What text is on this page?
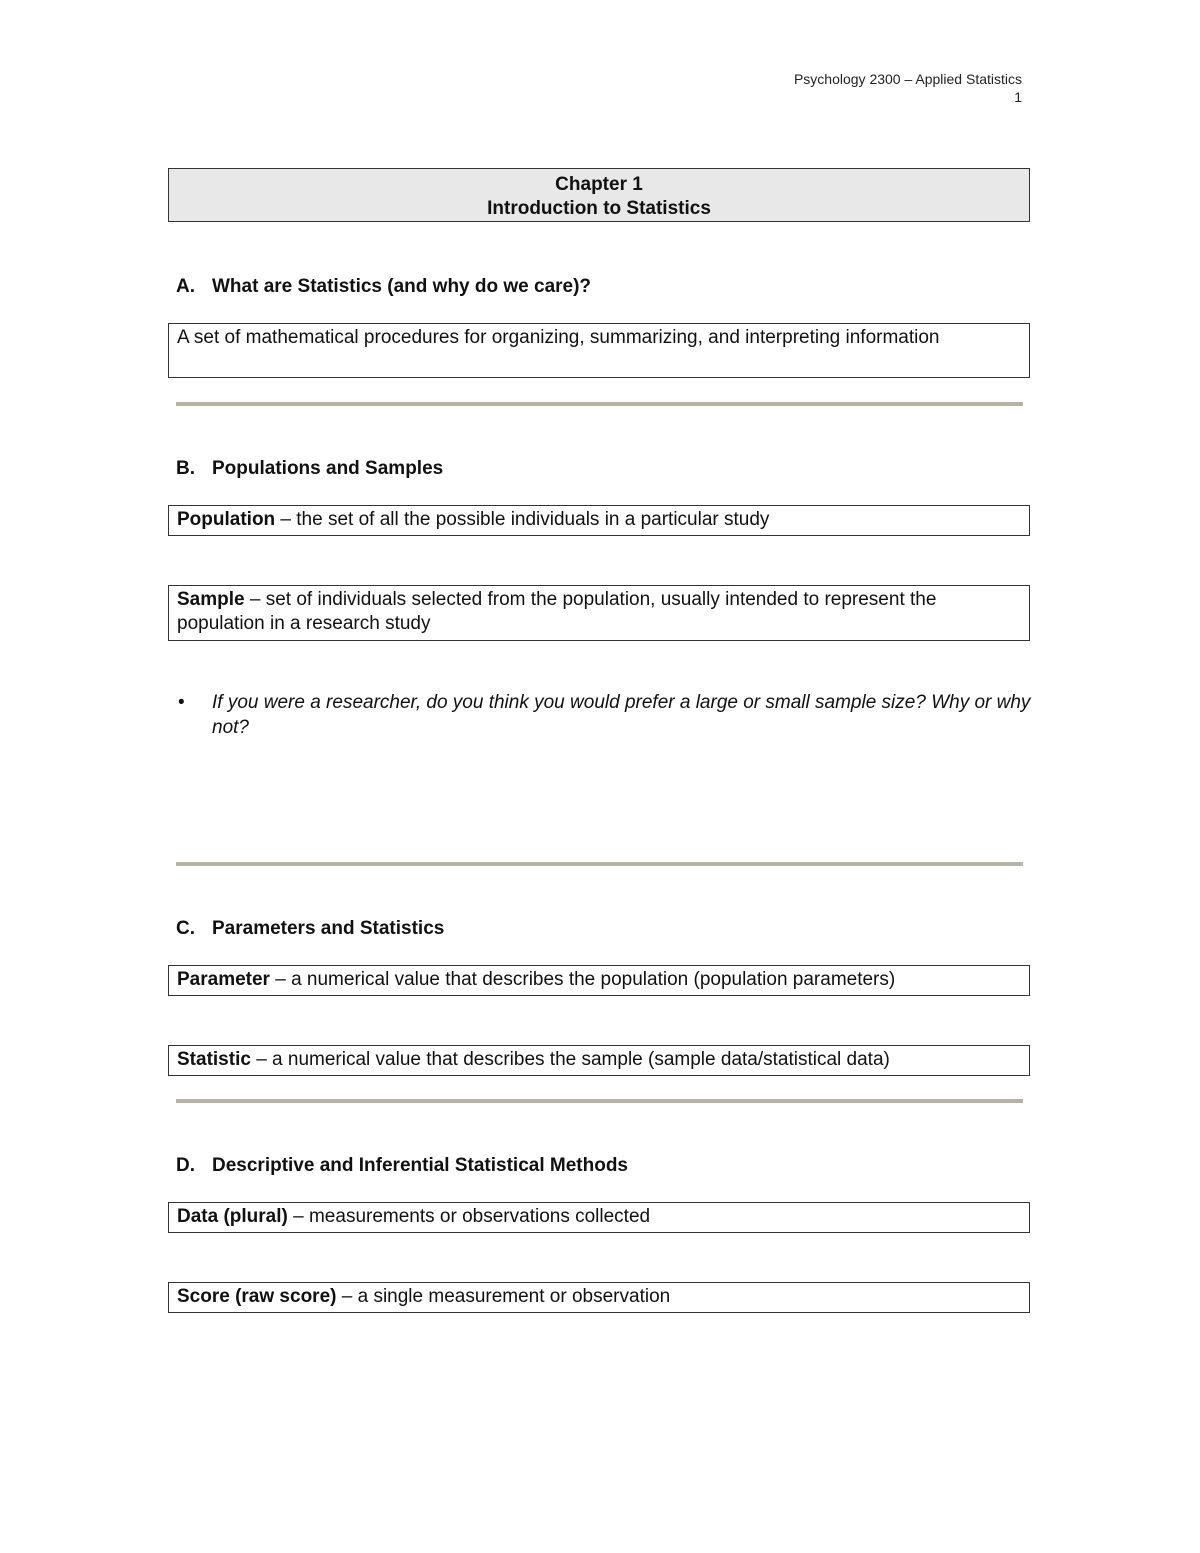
Psychology 2300 – Applied Statistics
1
Chapter 1
Introduction to Statistics
A. What are Statistics (and why do we care)?
A set of mathematical procedures for organizing, summarizing, and interpreting information
B. Populations and Samples
Population – the set of all the possible individuals in a particular study
Sample – set of individuals selected from the population, usually intended to represent the population in a research study
•	If you were a researcher, do you think you would prefer a large or small sample size? Why or why not?
C. Parameters and Statistics
Parameter – a numerical value that describes the population (population parameters)
Statistic – a numerical value that describes the sample (sample data/statistical data)
D. Descriptive and Inferential Statistical Methods
Data (plural) – measurements or observations collected
Score (raw score) – a single measurement or observation
